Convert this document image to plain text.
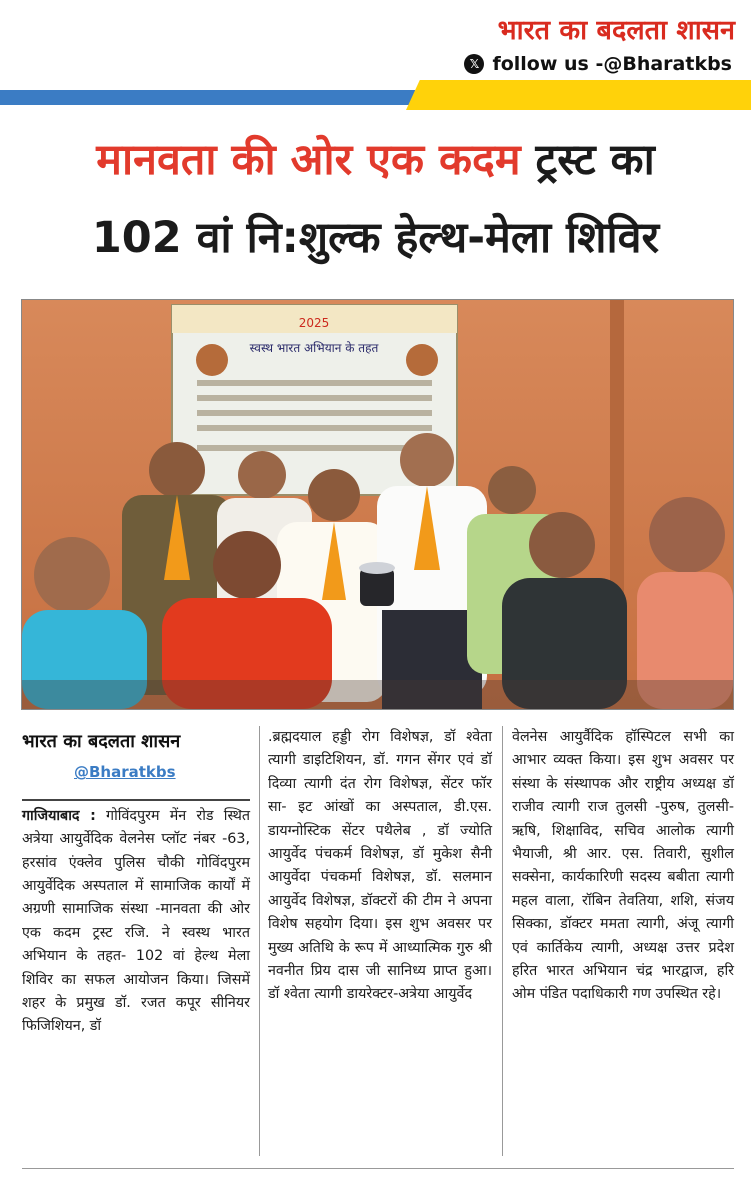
भारत का बदलता शासन
𝕏 follow us -@Bharatkbs
मानवता की ओर एक कदम ट्रस्ट का
102 वां नि:शुल्क हेल्थ-मेला शिविर
2025
स्वस्थ भारत अभियान के तहत
भारत का बदलता शासन
@Bharatkbs
गाजियाबाद : गोविंदपुरम मेंन रोड स्थित अत्रेया आयुर्वेदिक वेलनेस प्लॉट नंबर -63, हरसांव एंक्लेव पुलिस चौकी गोविंदपुरम आयुर्वेदिक अस्पताल में सामाजिक कार्यों में अग्रणी सामाजिक संस्था -मानवता की ओर एक कदम ट्रस्ट रजि. ने स्वस्थ भारत अभियान के तहत- 102 वां हेल्थ मेला शिविर का सफल आयोजन किया। जिसमें शहर के प्रमुख डॉ. रजत कपूर सीनियर फिजिशियन, डॉ
.ब्रह्मदयाल हड्डी रोग विशेषज्ञ, डॉ श्वेता त्यागी डाइटिशियन, डॉ. गगन सेंगर एवं डॉ दिव्या त्यागी दंत रोग विशेषज्ञ, सेंटर फॉर सा- इट आंखों का अस्पताल, डी.एस. डायग्नोस्टिक सेंटर पथैलेब , डॉ ज्योति आयुर्वेद पंचकर्म विशेषज्ञ, डॉ मुकेश सैनी आयुर्वेदा पंचकर्मा विशेषज्ञ, डॉ. सलमान आयुर्वेद विशेषज्ञ, डॉक्टरों की टीम ने अपना विशेष सहयोग दिया। इस शुभ अवसर पर मुख्य अतिथि के रूप में आध्यात्मिक गुरु श्री नवनीत प्रिय दास जी सानिध्य प्राप्त हुआ। डॉ श्वेता त्यागी डायरेक्टर-अत्रेया आयुर्वेद
वेलनेस आयुर्वैदिक हॉस्पिटल सभी का आभार व्यक्त किया। इस शुभ अवसर पर संस्था के संस्थापक और राष्ट्रीय अध्यक्ष डॉ राजीव त्यागी राज तुलसी -पुरुष, तुलसी- ऋषि, शिक्षाविद, सचिव आलोक त्यागी भैयाजी, श्री आर. एस. तिवारी, सुशील सक्सेना, कार्यकारिणी सदस्य बबीता त्यागी महल वाला, रॉबिन तेवतिया, शशि, संजय सिक्का, डॉक्टर ममता त्यागी, अंजू त्यागी एवं कार्तिकेय त्यागी, अध्यक्ष उत्तर प्रदेश हरित भारत अभियान चंद्र भारद्वाज, हरि ओम पंडित पदाधिकारी गण उपस्थित रहे।
